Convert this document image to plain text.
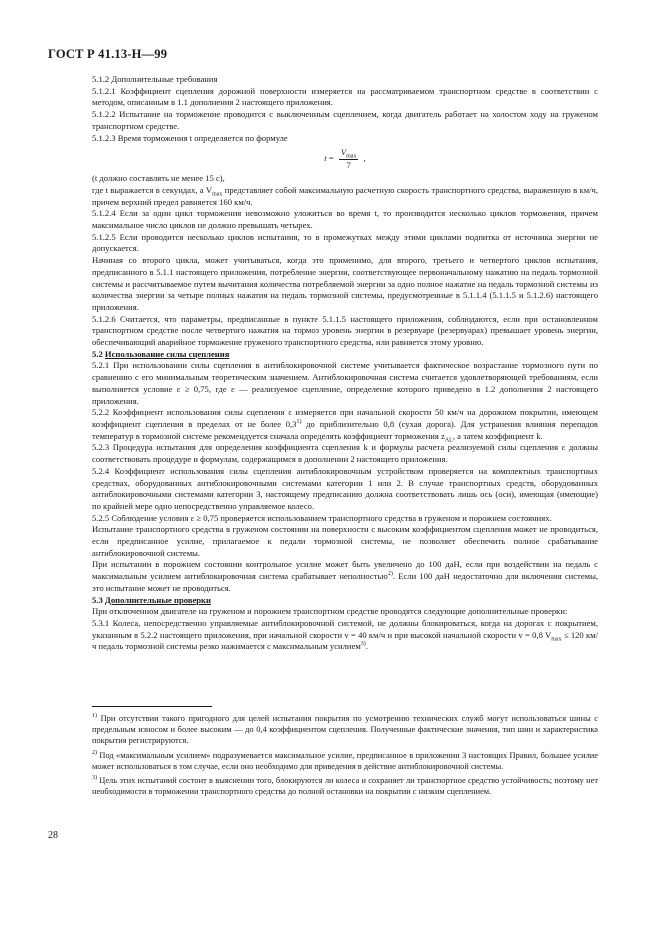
ГОСТ Р 41.13-Н—99

5.1.2 Дополнительные требования

5.1.2.1 Коэффициент сцепления дорожной поверхности измеряется на рассматриваемом транспортном средстве в соответствии с методом, описанным в 1.1 дополнения 2 настоящего приложения.

5.1.2.2 Испытание на торможение проводится с выключенным сцеплением, когда двигатель работает на холостом ходу на груженом транспортном средстве.

5.1.2.3 Время торможения t определяется по формуле

$t = \frac{V_{max}}{7}$ ,

(t должно составлять не менее 15 с),

где t выражается в секундах, а $V_{max}$ представляет собой максимальную расчетную скорость транспортного средства, выраженную в км/ч, причем верхний предел равняется 160 км/ч.

5.1.2.4 Если за один цикл торможения невозможно уложиться во время t, то производится несколько циклов торможения, причем максимальное число циклов не должно превышать четырех.

5.1.2.5 Если проводится несколько циклов испытания, то в промежутках между этими циклами подпитка от источника энергии не допускается.

Начиная со второго цикла, может учитываться, когда это применимо, для второго, третьего и четвертого циклов испытания, предписанного в 5.1.1 настоящего приложения, потребление энергии, соответствующее первоначальному нажатию на педаль тормозной системы и рассчитываемое путем вычитания количества потребляемой энергии за одно полное нажатие на педаль тормозной системы из количества энергии за четыре полных нажатия на педаль тормозной системы, предусмотренные в 5.1.1.4 (5.1.1.5 и 5.1.2.6) настоящего приложения.

5.1.2.6 Считается, что параметры, предписанные в пункте 5.1.1.5 настоящего приложения, соблюдаются, если при остановленном транспортном средстве после четвертого нажатия на тормоз уровень энергии в резервуаре (резервуарах) превышает уровень энергии, обеспечивающий аварийное торможение груженого транспортного средства, или равняется этому уровню.

5.2 Использование силы сцепления

5.2.1 При использовании силы сцепления в антиблокировочной системе учитывается фактическое возрастание тормозного пути по сравнению с его минимальным теоретическим значением. Антиблокировочная система считается удовлетворяющей требованиям, если выполняется условие ε ≥ 0,75, где ε — реализуемое сцепление, определение которого приведено в 1.2 дополнения 2 настоящего приложения.

5.2.2 Коэффициент использования силы сцепления ε измеряется при начальной скорости 50 км/ч на дорожном покрытии, имеющем коэффициент сцепления в пределах от не более 0,3$^{1)}$ до приблизительно 0,8 (сухая дорога). Для устранения влияния перепадов температур в тормозной системе рекомендуется сначала определять коэффициент торможения $z_{AL}$, а затем коэффициент k.

5.2.3 Процедура испытания для определения коэффициента сцепления k и формулы расчета реализуемой силы сцепления ε должны соответствовать процедуре и формулам, содержащимся в дополнении 2 настоящего приложения.

5.2.4 Коэффициент использования силы сцепления антиблокировочным устройством проверяется на комплектных транспортных средствах, оборудованных антиблокировочными системами категории 1 или 2. В случае транспортных средств, оборудованных антиблокировочными системами категории 3, настоящему предписанию должна соответствовать лишь ось (оси), имеющая (имеющие) по крайней мере одно непосредственно управляемое колесо.

5.2.5 Соблюдение условия ε ≥ 0,75 проверяется использованием транспортного средства в груженом и порожнем состояниях.

Испытание транспортного средства в груженом состоянии на поверхности с высоким коэффициентом сцепления может не проводиться, если предписанное усилие, прилагаемое к педали тормозной системы, не позволяет обеспечить полное срабатывание антиблокировочной системы.

При испытании в порожнем состоянии контрольное усилие может быть увеличено до 100 даН, если при воздействии на педаль с максимальным усилием антиблокировочная система срабатывает неполностью$^{2)}$. Если 100 даН недостаточно для включения системы, это испытание может не проводиться.

5.3 Дополнительные проверки

При отключенном двигателе на груженом и порожнем транспортном средстве проводятся следующие дополнительные проверки:

5.3.1 Колеса, непосредственно управляемые антиблокировочной системой, не должны блокироваться, когда на дорогах с покрытием, указанным в 5.2.2 настоящего приложения, при начальной скорости v = 40 км/ч и при высокой начальной скорости v = 0,8 $V_{max} \le 120$ км/ч педаль тормозной системы резко нажимается с максимальным усилием$^{3)}$.

$^{1)}$ При отсутствии такого пригодного для целей испытания покрытия по усмотрению технических служб могут использоваться шины с предельным износом и более высоким — до 0,4 коэффициентом сцепления. Полученные фактические значения, тип шин и характеристика покрытия регистрируются.

$^{2)}$ Под «максимальным усилием» подразумевается максимальное усилие, предписанное в приложении 3 настоящих Правил, большее усилие может использоваться в том случае, если оно необходимо для приведения в действие антиблокировочной системы.

$^{3)}$ Цель этих испытаний состоит в выяснении того, блокируются ли колеса и сохраняет ли транспортное средство устойчивость; поэтому нет необходимости в торможении транспортного средства до полной остановки на покрытии с низким сцеплением.

28
